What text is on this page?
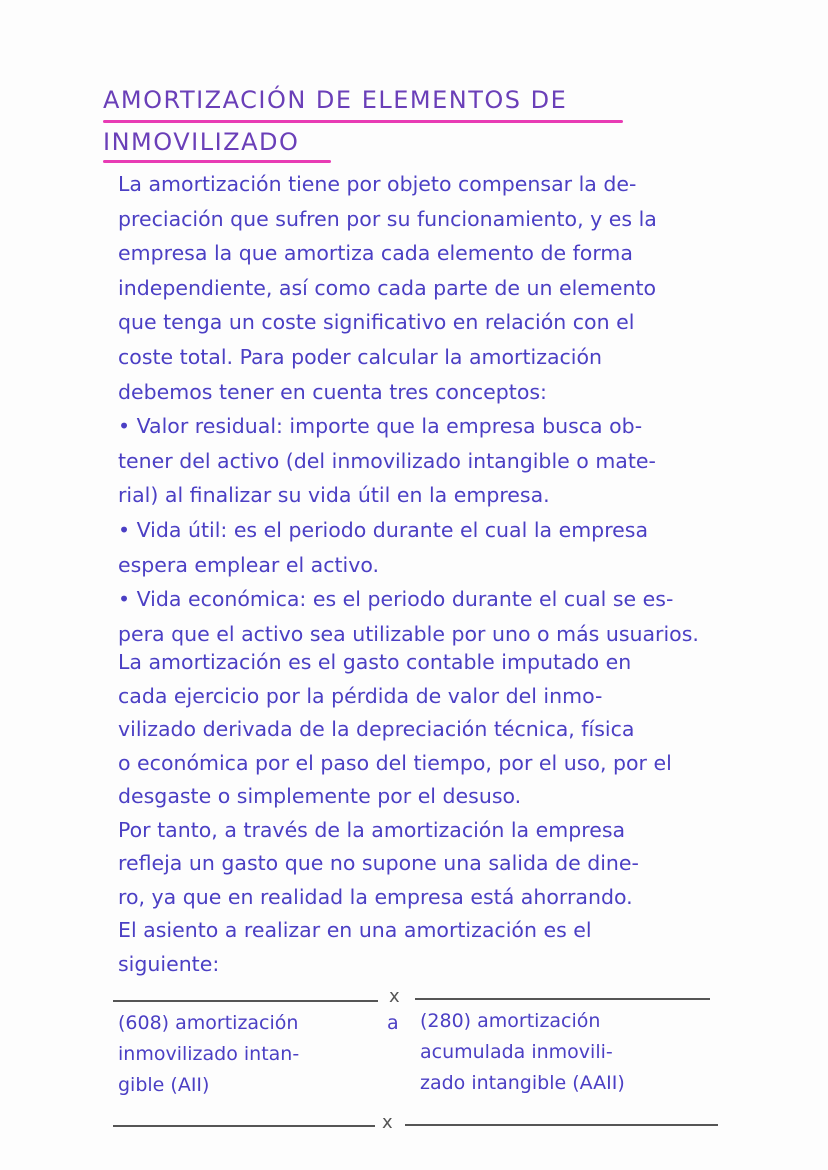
AMORTIZACIÓN DE ELEMENTOS DE
INMOVILIZADO
La amortización tiene por objeto compensar la de-
preciación que sufren por su funcionamiento, y es la
empresa la que amortiza cada elemento de forma
independiente, así como cada parte de un elemento
que tenga un coste significativo en relación con el
coste total. Para poder calcular la amortización
debemos tener en cuenta tres conceptos:
• Valor residual: importe que la empresa busca ob-
tener del activo (del inmovilizado intangible o mate-
rial) al finalizar su vida útil en la empresa.
• Vida útil: es el periodo durante el cual la empresa
espera emplear el activo.
• Vida económica: es el periodo durante el cual se es-
pera que el activo sea utilizable por uno o más usuarios.
La amortización es el gasto contable imputado en
cada ejercicio por la pérdida de valor del inmo-
vilizado derivada de la depreciación técnica, física
o económica por el paso del tiempo, por el uso, por el
desgaste o simplemente por el desuso.
Por tanto, a través de la amortización la empresa
refleja un gasto que no supone una salida de dine-
ro, ya que en realidad la empresa está ahorrando.
El asiento a realizar en una amortización es el
siguiente:
x
(608) amortización
inmovilizado intan-
gible (AII)
a (280) amortización
acumulada inmovili-
zado intangible (AAII)
x
